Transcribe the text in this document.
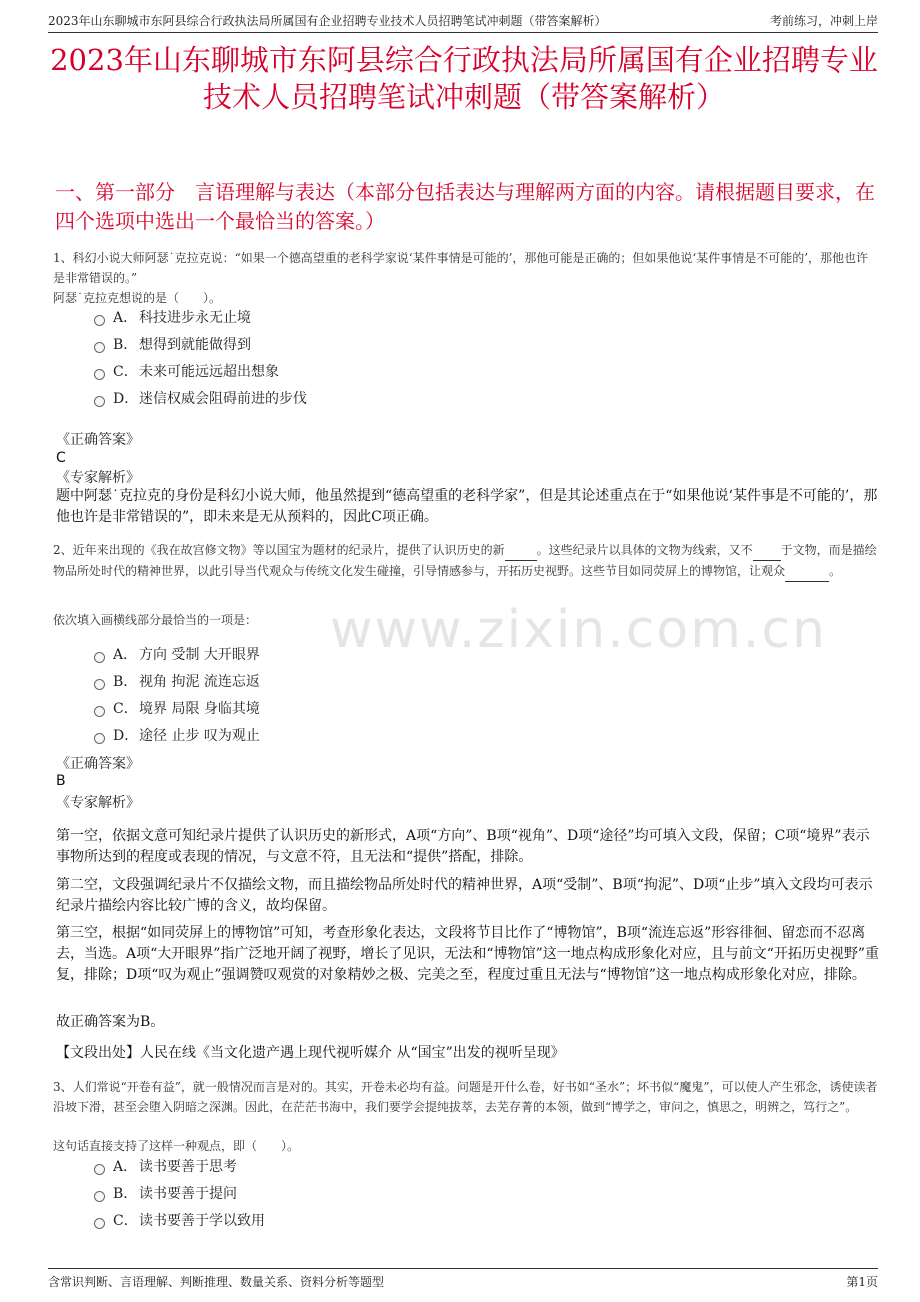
2023年山东聊城市东阿县综合行政执法局所属国有企业招聘专业技术人员招聘笔试冲刺题（带答案解析）	考前练习，冲刺上岸
2023年山东聊城市东阿县综合行政执法局所属国有企业招聘专业技术人员招聘笔试冲刺题（带答案解析）
一、第一部分　言语理解与表达（本部分包括表达与理解两方面的内容。请根据题目要求，在四个选项中选出一个最恰当的答案。）
www.zixin.com.cn
1、科幻小说大师阿瑟˙克拉克说：“如果一个德高望重的老科学家说‘某件事情是可能的’，那他可能是正确的；但如果他说‘某件事情是不可能的’，那他也许是非常错误的。”
阿瑟˙克拉克想说的是（　　）。
A． 科技进步永无止境
B． 想得到就能做得到
C．未来可能远远超出想象
D．迷信权威会阻碍前进的步伐
《正确答案》
C
《专家解析》
题中阿瑟˙克拉克的身份是科幻小说大师，他虽然提到“德高望重的老科学家”，但是其论述重点在于“如果他说‘某件事是不可能的’，那他也许是非常错误的”，即未来是无从预料的，因此C项正确。
2、近年来出现的《我在故宫修文物》等以国宝为题材的纪录片，提供了认识历史的新	。这些纪录片以具体的文物为线索，又不 于文物，而是描绘物品所处时代的精神世界，以此引导当代观众与传统文化发生碰撞，引导情感参与，开拓历史视野。这些节目如同荧屏上的博物馆，让观众	。
依次填入画横线部分最恰当的一项是：
A． 方向 受制 大开眼界
B． 视角 拘泥 流连忘返
C．境界 局限 身临其境
D．途径 止步 叹为观止
《正确答案》
B
《专家解析》
第一空，依据文意可知纪录片提供了认识历史的新形式，A项“方向”、B项“视角”、D项“途径”均可填入文段，保留；C项“境界”表示事物所达到的程度或表现的情况，与文意不符，且无法和“提供”搭配，排除。
第二空，文段强调纪录片不仅描绘文物，而且描绘物品所处时代的精神世界，A项“受制”、B项“拘泥”、D项“止步”填入文段均可表示纪录片描绘内容比较广博的含义，故均保留。
第三空，根据“如同荧屏上的博物馆”可知，考查形象化表达，文段将节目比作了“博物馆”，B项“流连忘返”形容徘徊、留恋而不忍离去，当选。A项“大开眼界”指广泛地开阔了视野，增长了见识，无法和“博物馆”这一地点构成形象化对应，且与前文“开拓历史视野”重复，排除；D项“叹为观止”强调赞叹观赏的对象精妙之极、完美之至，程度过重且无法与“博物馆”这一地点构成形象化对应，排除。
故正确答案为B。
【文段出处】人民在线《当文化遗产遇上现代视听媒介 从“国宝”出发的视听呈现》
3、人们常说“开卷有益”，就一般情况而言是对的。其实，开卷未必均有益。问题是开什么卷，好书如“圣水”；坏书似“魔鬼”，可以使人产生邪念，诱使读者沿坡下滑，甚至会堕入阴暗之深渊。因此，在茫茫书海中，我们要学会提纯拔萃，去芜存菁的本领，做到“博学之，审问之，慎思之，明辨之，笃行之”。
这句话直接支持了这样一种观点，即（　　）。
A． 读书要善于思考
B． 读书要善于提问
C．读书要善于学以致用
含常识判断、言语理解、判断推理、数量关系、资料分析等题型	第1页
